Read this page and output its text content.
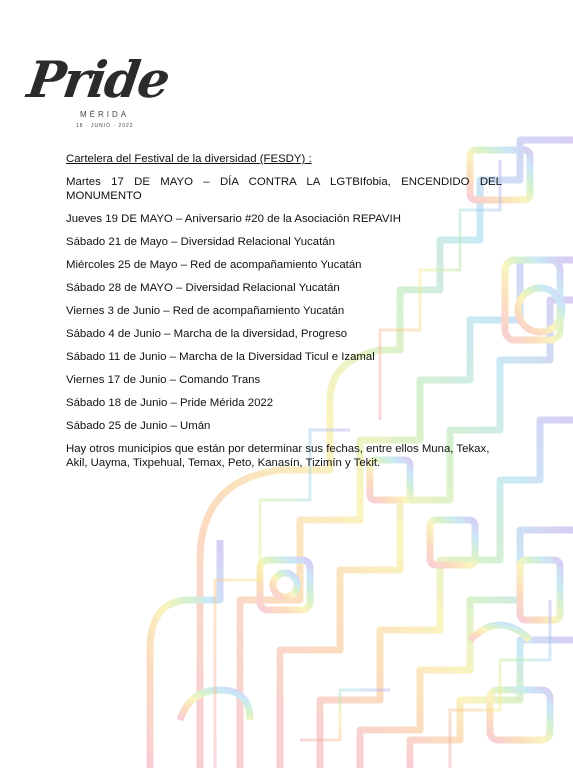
Pride
MÉRIDA
18 · JUNIO · 2022

Cartelera del Festival de la diversidad (FESDY) :

Martes 17 DE MAYO – DÍA CONTRA LA LGTBIfobia, ENCENDIDO DEL MONUMENTO

Jueves 19 DE MAYO – Aniversario #20 de la Asociación REPAVIH

Sábado 21 de Mayo – Diversidad Relacional Yucatán

Miércoles 25 de Mayo – Red de acompañamiento Yucatán

Sábado 28 de MAYO – Diversidad Relacional Yucatán

Viernes 3 de Junio – Red de acompañamiento Yucatán

Sábado 4 de Junio – Marcha de la diversidad, Progreso

Sábado 11 de Junio – Marcha de la Diversidad Ticul e Izamal

Viernes 17 de Junio – Comando Trans

Sábado 18 de Junio – Pride Mérida 2022

Sábado 25 de Junio – Umán

Hay otros municipios que están por determinar sus fechas, entre ellos Muna, Tekax, Akil, Uayma, Tixpehual, Temax, Peto, Kanasín, Tizimín y Tekit.
